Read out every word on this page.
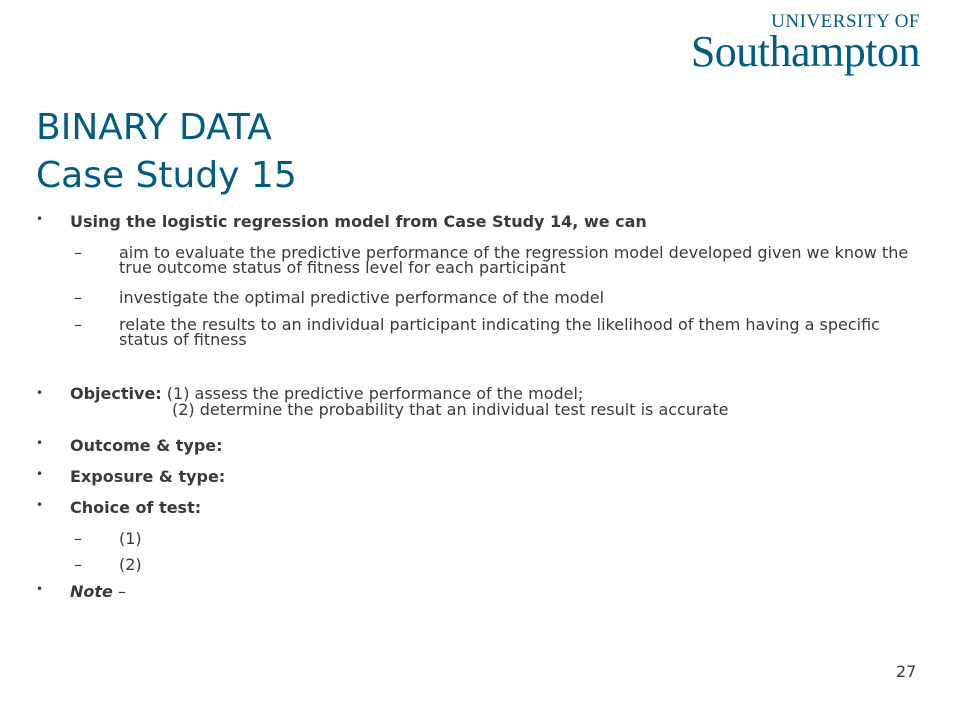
UNIVERSITY OF
Southampton
BINARY DATA
Case Study 15
• Using the logistic regression model from Case Study 14, we can
– aim to evaluate the predictive performance of the regression model developed given we know the true outcome status of fitness level for each participant
– investigate the optimal predictive performance of the model
– relate the results to an individual participant indicating the likelihood of them having a specific status of fitness
• Objective: (1) assess the predictive performance of the model;
(2) determine the probability that an individual test result is accurate
• Outcome & type:
• Exposure & type:
• Choice of test:
– (1)
– (2)
• Note –
27
